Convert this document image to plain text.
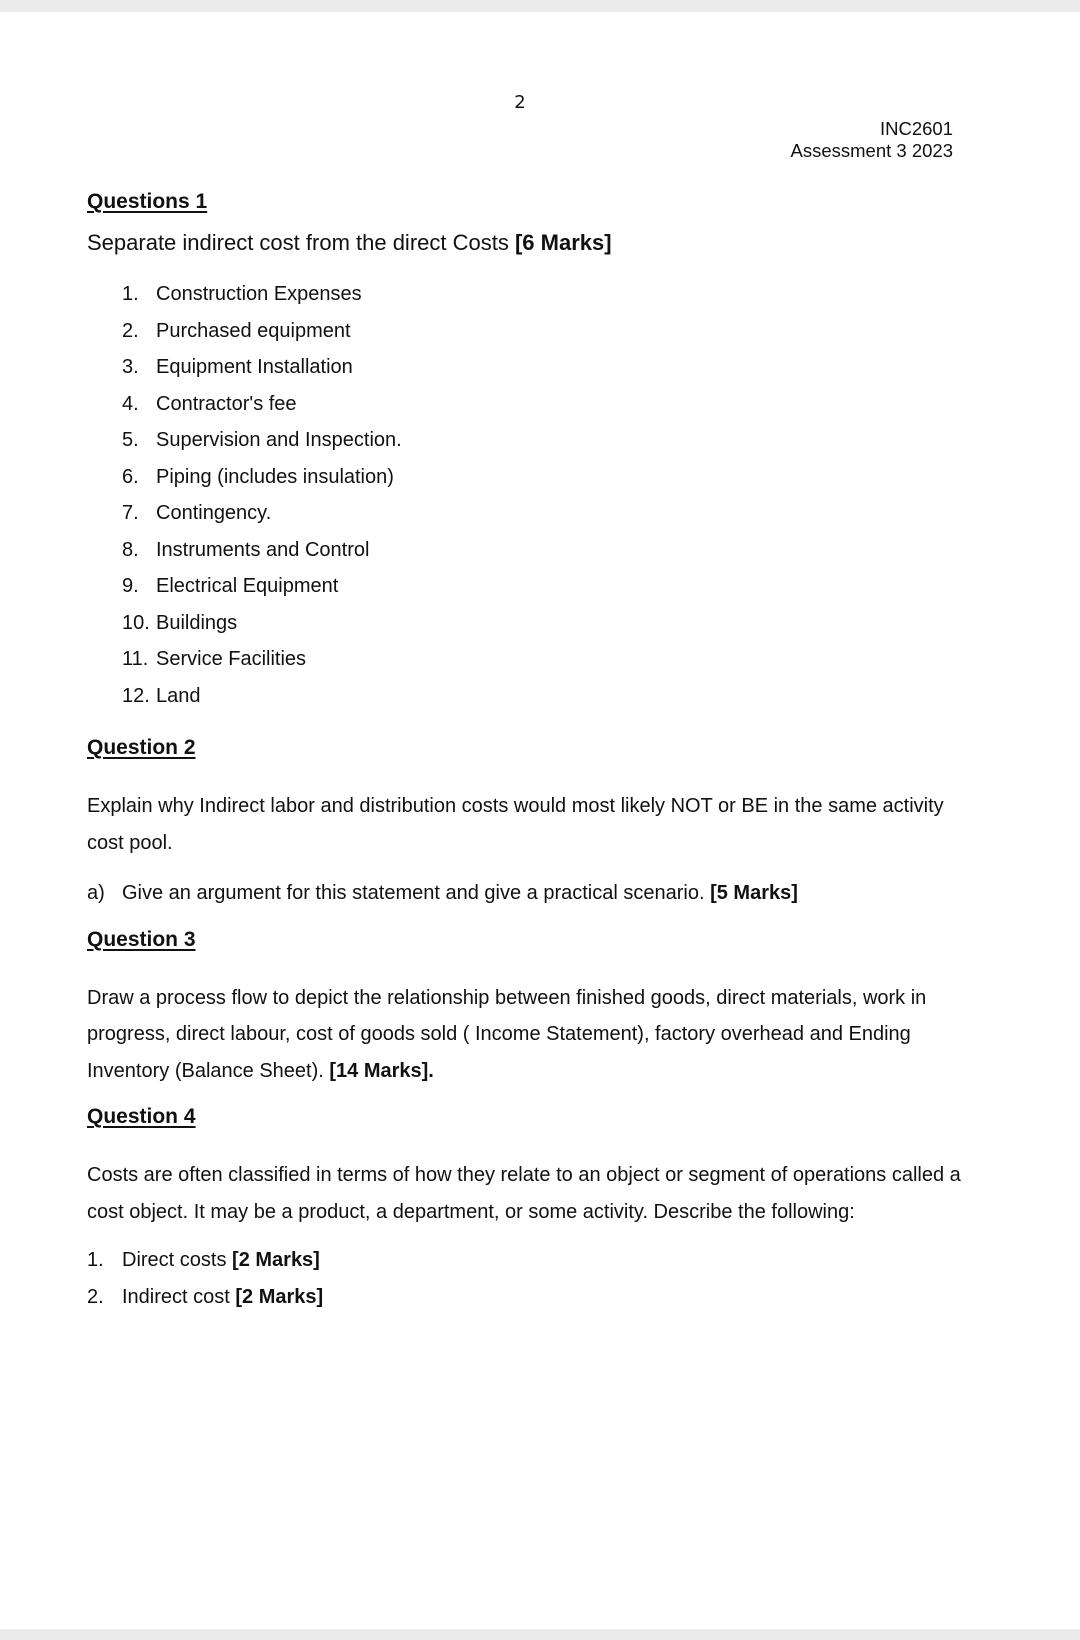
2
INC2601
Assessment 3 2023

Questions 1

Separate indirect cost from the direct Costs [6 Marks]

1. Construction Expenses
2. Purchased equipment
3. Equipment Installation
4. Contractor's fee
5. Supervision and Inspection.
6. Piping (includes insulation)
7. Contingency.
8. Instruments and Control
9. Electrical Equipment
10. Buildings
11. Service Facilities
12. Land

Question 2

Explain why Indirect labor and distribution costs would most likely NOT or BE in the same activity cost pool.

a) Give an argument for this statement and give a practical scenario. [5 Marks]

Question 3

Draw a process flow to depict the relationship between finished goods, direct materials, work in progress, direct labour, cost of goods sold ( Income Statement), factory overhead and Ending Inventory (Balance Sheet). [14 Marks].

Question 4

Costs are often classified in terms of how they relate to an object or segment of operations called a cost object. It may be a product, a department, or some activity. Describe the following:

1. Direct costs [2 Marks]
2. Indirect cost [2 Marks]
